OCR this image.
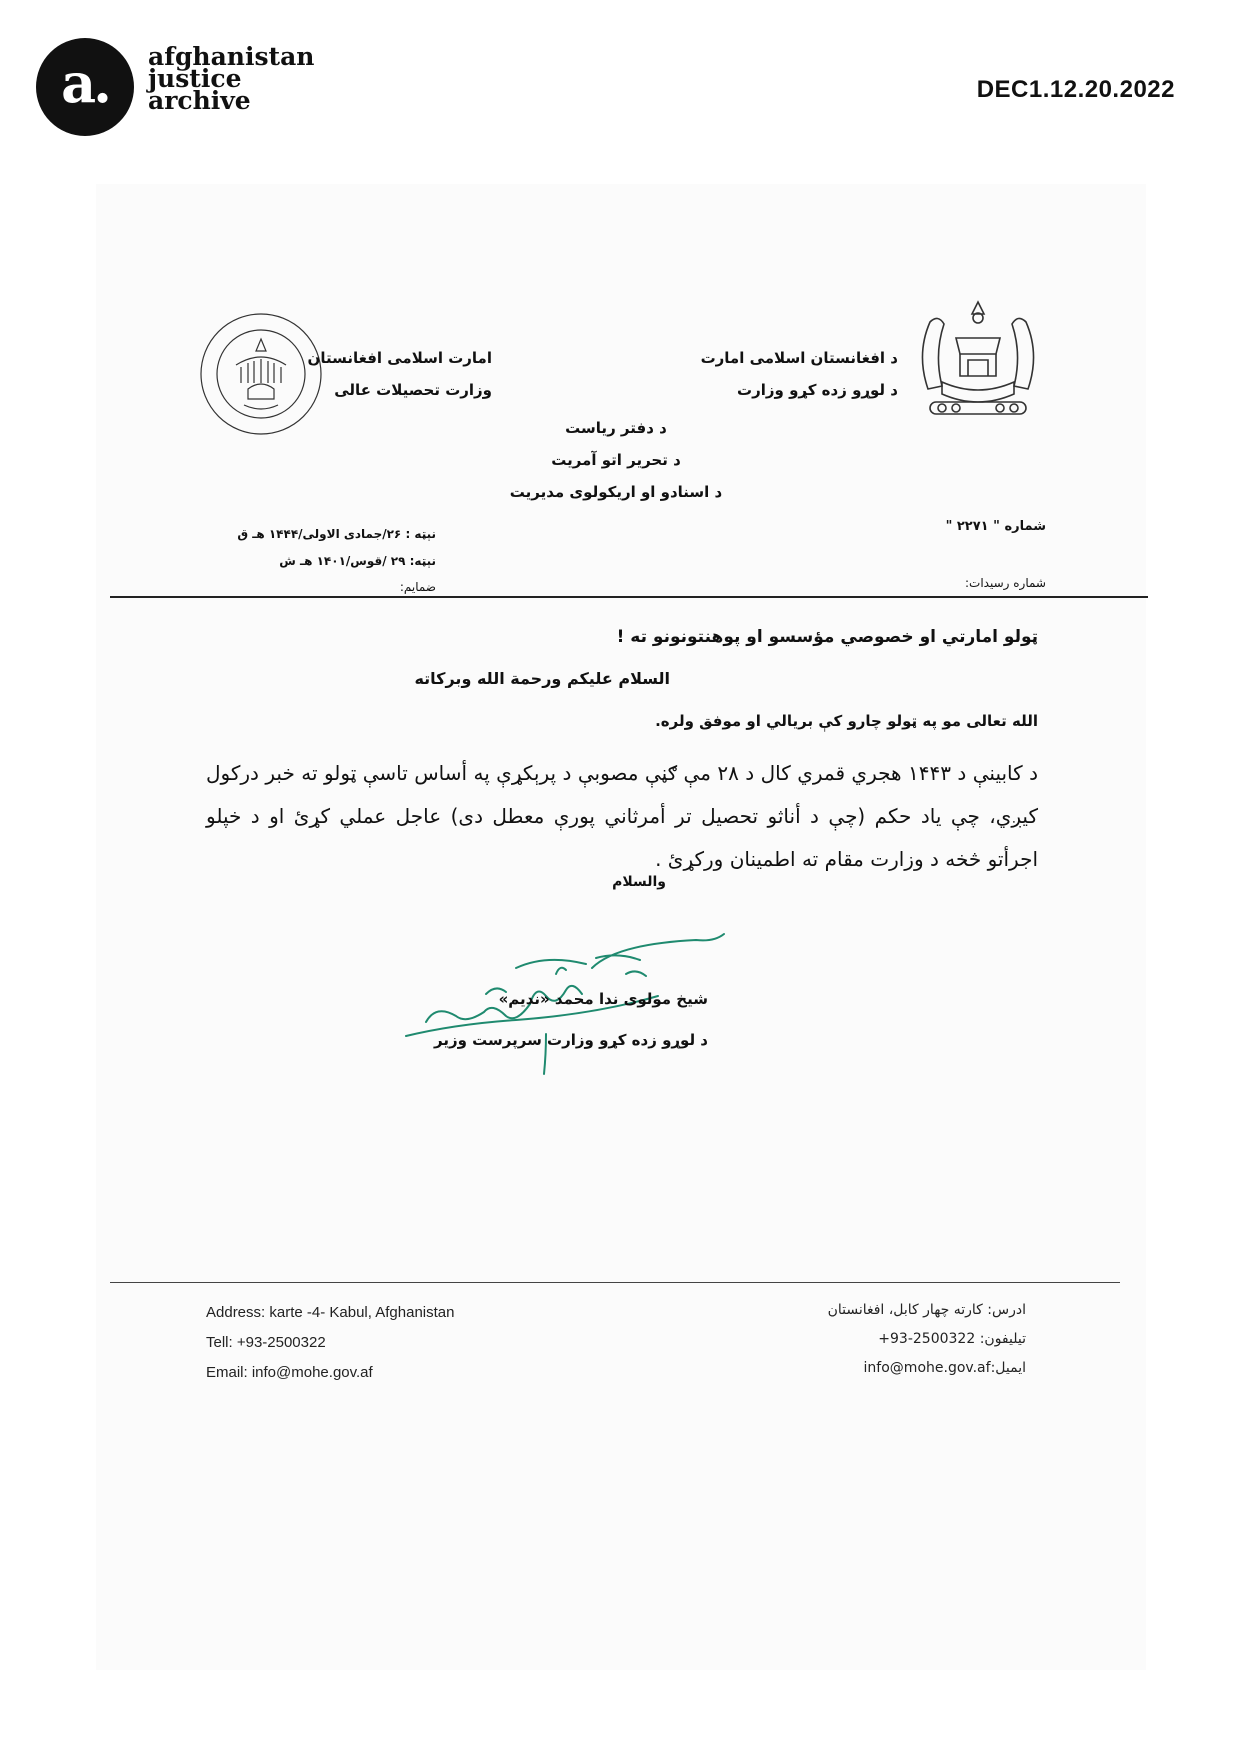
a. afghanistan
justice
archive	DEC1.12.20.2022
د افغانستان اسلامی امارت
د لوړو زده کړو وزارت
امارت اسلامی افغانستان
وزارت تحصیلات عالی
د دفتر ریاست
د تحریر اتو آمریت
د اسنادو او اریکولوی مدیریت
شماره " ۲۲۷۱ "
شماره رسیدات:
نېټه : ۲۶/جمادی الاولی/۱۴۴۴ هـ ق
نېټه: ۲۹ /قوس/۱۴۰۱ هـ ش
ضمایم:
ټولو امارتي او خصوصي مؤسسو او پوهنتونونو ته !
السلام علیکم ورحمة الله وبرکاته
الله تعالی مو په ټولو چارو کې بريالي او موفق ولره.
د کابینې د ۱۴۴۳ هجري قمري کال د ۲۸ مې ګڼې مصوبې د پرېکړې په أساس تاسې ټولو ته خبر درکول کيږي، چې ياد حکم (چې د أناثو تحصيل تر أمرثاني پورې معطل دی) عاجل عملي کړئ او د خپلو اجرأتو څخه د وزارت مقام ته اطمينان ورکړئ .
والسلام
شیخ مولوی ندا محمد «ندیم»
د لوړو زده کړو وزارت سرپرست وزیر
Address: karte -4- Kabul, Afghanistan
Tell: +93-2500322
Email: info@mohe.gov.af
ادرس: کارته چهار کابل، افغانستان
تیلیفون: 2500322-93+
ایمیل:info@mohe.gov.af
